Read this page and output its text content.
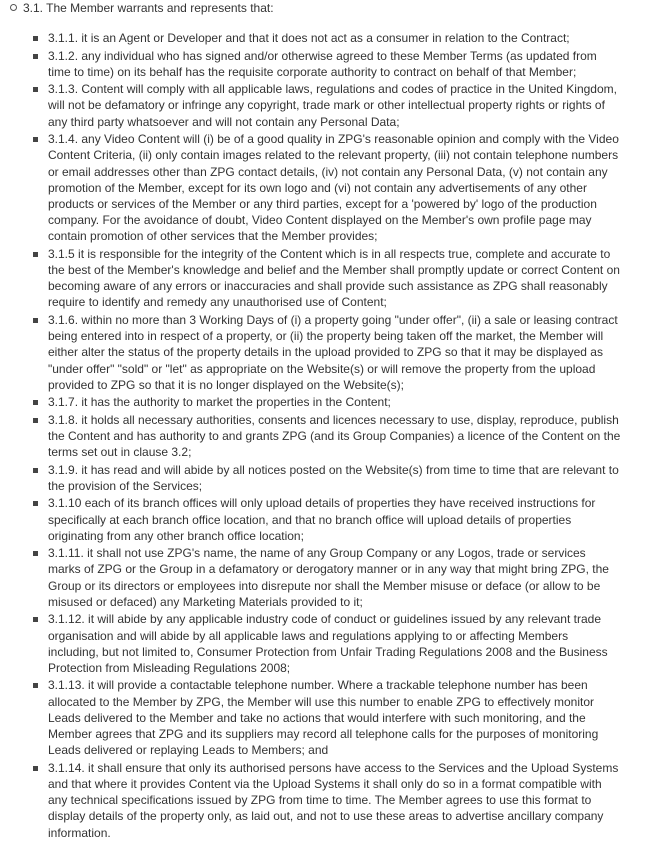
3.1. The Member warrants and represents that:
3.1.1. it is an Agent or Developer and that it does not act as a consumer in relation to the Contract;
3.1.2. any individual who has signed and/or otherwise agreed to these Member Terms (as updated from time to time) on its behalf has the requisite corporate authority to contract on behalf of that Member;
3.1.3. Content will comply with all applicable laws, regulations and codes of practice in the United Kingdom, will not be defamatory or infringe any copyright, trade mark or other intellectual property rights or rights of any third party whatsoever and will not contain any Personal Data;
3.1.4. any Video Content will (i) be of a good quality in ZPG's reasonable opinion and comply with the Video Content Criteria, (ii) only contain images related to the relevant property, (iii) not contain telephone numbers or email addresses other than ZPG contact details, (iv) not contain any Personal Data, (v) not contain any promotion of the Member, except for its own logo and (vi) not contain any advertisements of any other products or services of the Member or any third parties, except for a 'powered by' logo of the production company. For the avoidance of doubt, Video Content displayed on the Member's own profile page may contain promotion of other services that the Member provides;
3.1.5 it is responsible for the integrity of the Content which is in all respects true, complete and accurate to the best of the Member's knowledge and belief and the Member shall promptly update or correct Content on becoming aware of any errors or inaccuracies and shall provide such assistance as ZPG shall reasonably require to identify and remedy any unauthorised use of Content;
3.1.6. within no more than 3 Working Days of (i) a property going "under offer", (ii) a sale or leasing contract being entered into in respect of a property, or (ii) the property being taken off the market, the Member will either alter the status of the property details in the upload provided to ZPG so that it may be displayed as "under offer" "sold" or "let" as appropriate on the Website(s) or will remove the property from the upload provided to ZPG so that it is no longer displayed on the Website(s);
3.1.7. it has the authority to market the properties in the Content;
3.1.8. it holds all necessary authorities, consents and licences necessary to use, display, reproduce, publish the Content and has authority to and grants ZPG (and its Group Companies) a licence of the Content on the terms set out in clause 3.2;
3.1.9. it has read and will abide by all notices posted on the Website(s) from time to time that are relevant to the provision of the Services;
3.1.10 each of its branch offices will only upload details of properties they have received instructions for specifically at each branch office location, and that no branch office will upload details of properties originating from any other branch office location;
3.1.11. it shall not use ZPG's name, the name of any Group Company or any Logos, trade or services marks of ZPG or the Group in a defamatory or derogatory manner or in any way that might bring ZPG, the Group or its directors or employees into disrepute nor shall the Member misuse or deface (or allow to be misused or defaced) any Marketing Materials provided to it;
3.1.12. it will abide by any applicable industry code of conduct or guidelines issued by any relevant trade organisation and will abide by all applicable laws and regulations applying to or affecting Members including, but not limited to, Consumer Protection from Unfair Trading Regulations 2008 and the Business Protection from Misleading Regulations 2008;
3.1.13. it will provide a contactable telephone number. Where a trackable telephone number has been allocated to the Member by ZPG, the Member will use this number to enable ZPG to effectively monitor Leads delivered to the Member and take no actions that would interfere with such monitoring, and the Member agrees that ZPG and its suppliers may record all telephone calls for the purposes of monitoring Leads delivered or replaying Leads to Members; and
3.1.14. it shall ensure that only its authorised persons have access to the Services and the Upload Systems and that where it provides Content via the Upload Systems it shall only do so in a format compatible with any technical specifications issued by ZPG from time to time. The Member agrees to use this format to display details of the property only, as laid out, and not to use these areas to advertise ancillary company information.
